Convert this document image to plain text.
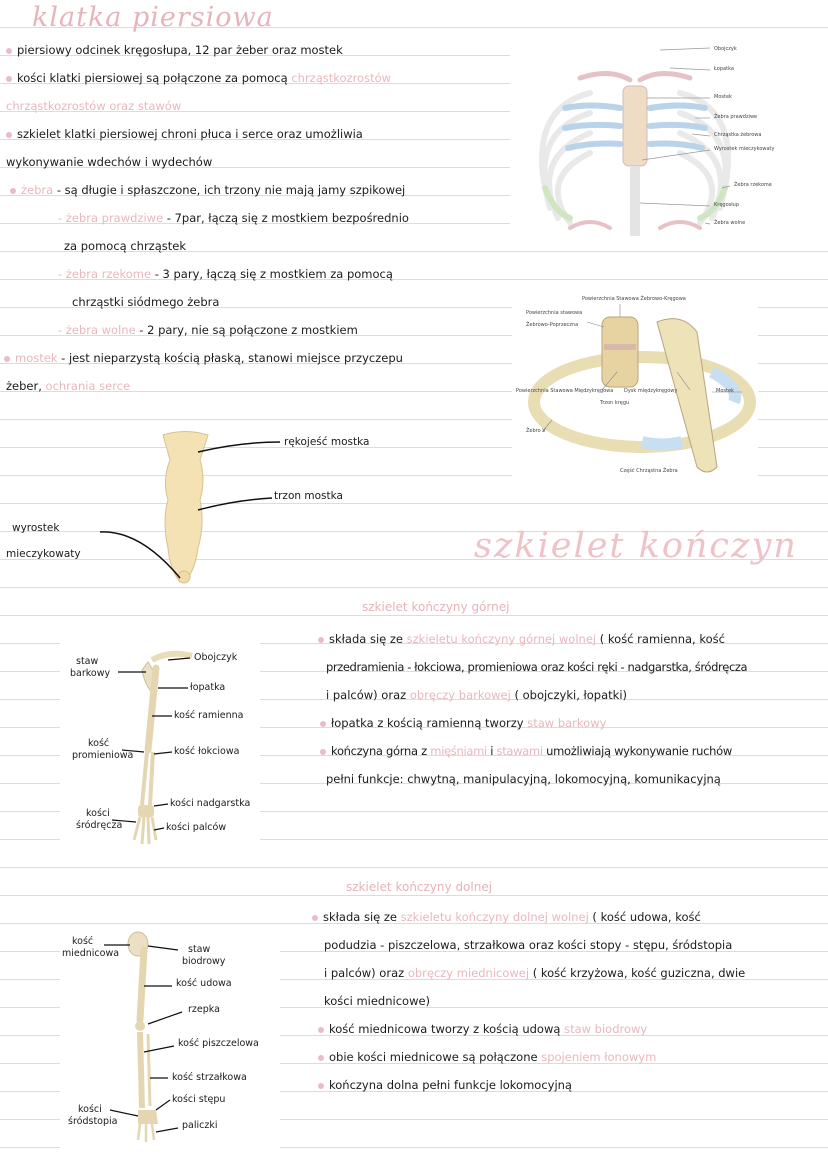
klatka piersiowa
piersiowy odcinek kręgosłupa, 12 par żeber oraz mostek
kości klatki piersiowej są połączone za pomocą chrząstkozrostów
chrząstkozrostów oraz stawów
szkielet klatki piersiowej chroni płuca i serce oraz umożliwia
wykonywanie wdechów i wydechów
żebra - są długie i spłaszczone, ich trzony nie mają jamy szpikowej
- żebra prawdziwe - 7par, łączą się z mostkiem bezpośrednio
za pomocą chrząstek
- żebra rzekome - 3 pary, łączą się z mostkiem za pomocą
chrząstki siódmego żebra
- żebra wolne - 2 pary, nie są połączone z mostkiem
mostek - jest nieparzystą kością płaską, stanowi miejsce przyczepu
żeber, ochrania serce
Obojczyk
Łopatka
Mostek
Żebra prawdziwe
Chrząstka żebrowa
Wyrostek mieczykowaty
Żebra rzekome
Kręgosłup
Żebra wolne
Powierzchnia Stawowa Żebrowo-Kręgowa
Powierzchnia stawowa
Żebrowo-Poprzeczna
Powierzchnia Stawowa Międzykręgowa Dysk międzykręgowy	Mostek
Trzon kręgu
Żebro V
Część Chrząstna Żebra
rękojeść mostka
trzon mostka
wyrostek
mieczykowaty	szkielet kończyn
szkielet kończyny górnej
składa się ze szkieletu kończyny górnej wolnej ( kość ramienna, kość
przedramienia - łokciowa, promieniowa oraz kości ręki - nadgarstka, śródręcza
i palców) oraz obręczy barkowej ( obojczyki, łopatki)
łopatka z kością ramienną tworzy staw barkowy
kończyna górna z mięśniami i stawami umożliwiają wykonywanie ruchów
pełni funkcje: chwytną, manipulacyjną, lokomocyjną, komunikacyjną
staw
barkowy
Obojczyk
łopatka
kość ramienna
kość
promieniowa	kość łokciowa
kości nadgarstka
kości
śródręcza	kości palców
szkielet kończyny dolnej
składa się ze szkieletu kończyny dolnej wolnej ( kość udowa, kość
podudzia - piszczelowa, strzałkowa oraz kości stopy - stępu, śródstopia
i palców) oraz obręczy miednicowej ( kość krzyżowa, kość guziczna, dwie
kości miednicowe)
kość miednicowa tworzy z kością udową staw biodrowy
obie kości miednicowe są połączone spojeniem łonowym
kończyna dolna pełni funkcje lokomocyjną
kość
miednicowa	staw
biodrowy
kość udowa
rzepka
kość piszczelowa
kość strzałkowa
kości stępu
kości
śródstopia	paliczki
